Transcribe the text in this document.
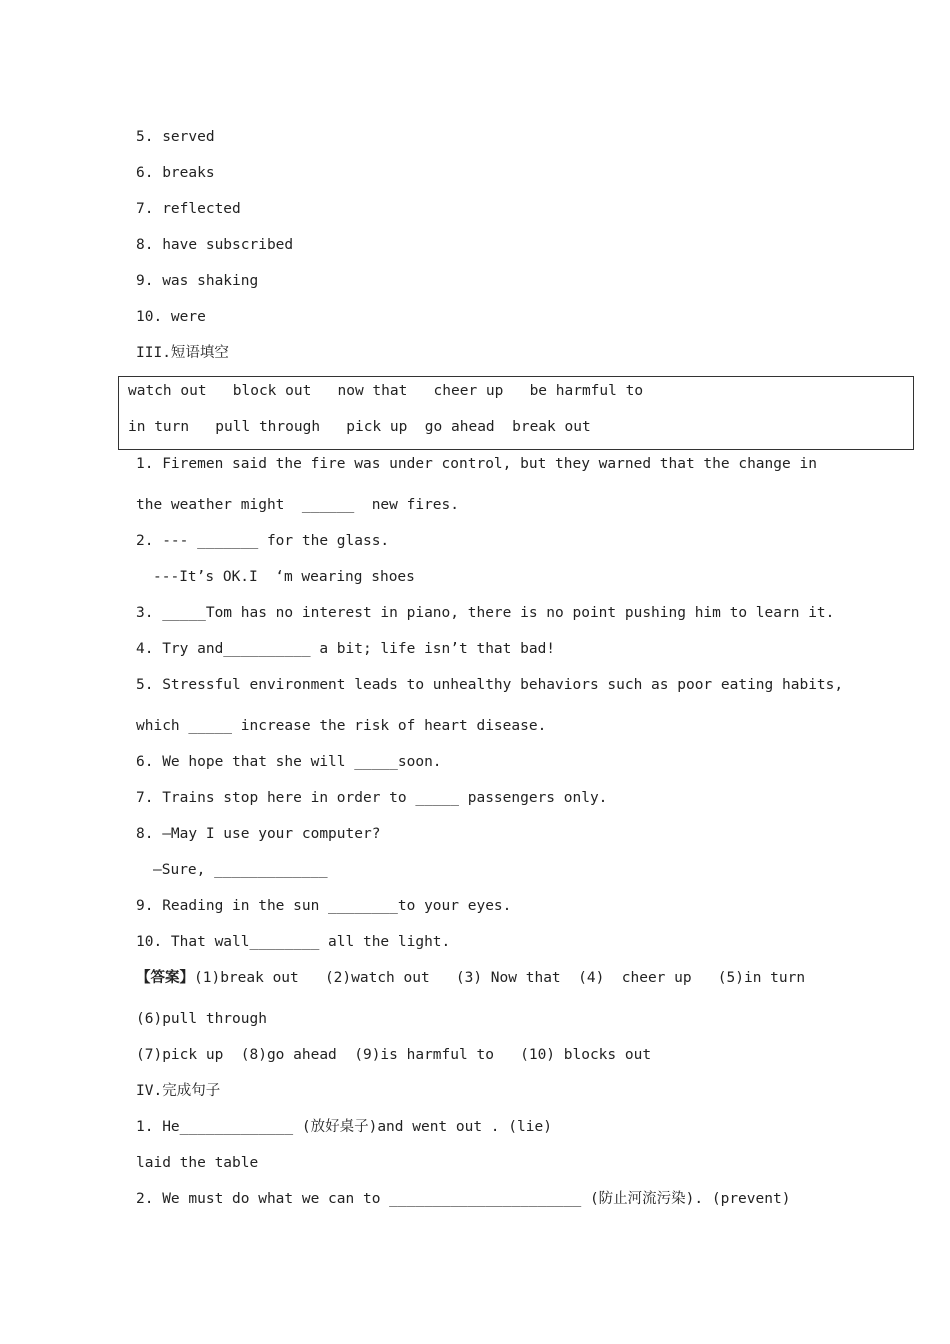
5. served
6. breaks
7. reflected
8. have subscribed
9. was shaking
10. were
III.短语填空
watch out   block out   now that   cheer up   be harmful to
in turn   pull through   pick up  go ahead  break out
1. Firemen said the fire was under control, but they warned that the change in
the weather might  ______  new fires.
2. --- _______ for the glass.
---It’s OK.I  ‘m wearing shoes
3. _____Tom has no interest in piano, there is no point pushing him to learn it.
4. Try and__________ a bit; life isn’t that bad!
5. Stressful environment leads to unhealthy behaviors such as poor eating habits,
which _____ increase the risk of heart disease.
6. We hope that she will _____soon.
7. Trains stop here in order to _____ passengers only.
8. —May I use your computer?
—Sure, _____________
9. Reading in the sun ________to your eyes.
10. That wall________ all the light.
【答案】(1)break out   (2)watch out   (3) Now that  (4)  cheer up   (5)in turn
(6)pull through
(7)pick up  (8)go ahead  (9)is harmful to   (10) blocks out
IV.完成句子
1. He_____________ (放好桌子)and went out . (lie)
laid the table
2. We must do what we can to ______________________ (防止河流污染). (prevent)
